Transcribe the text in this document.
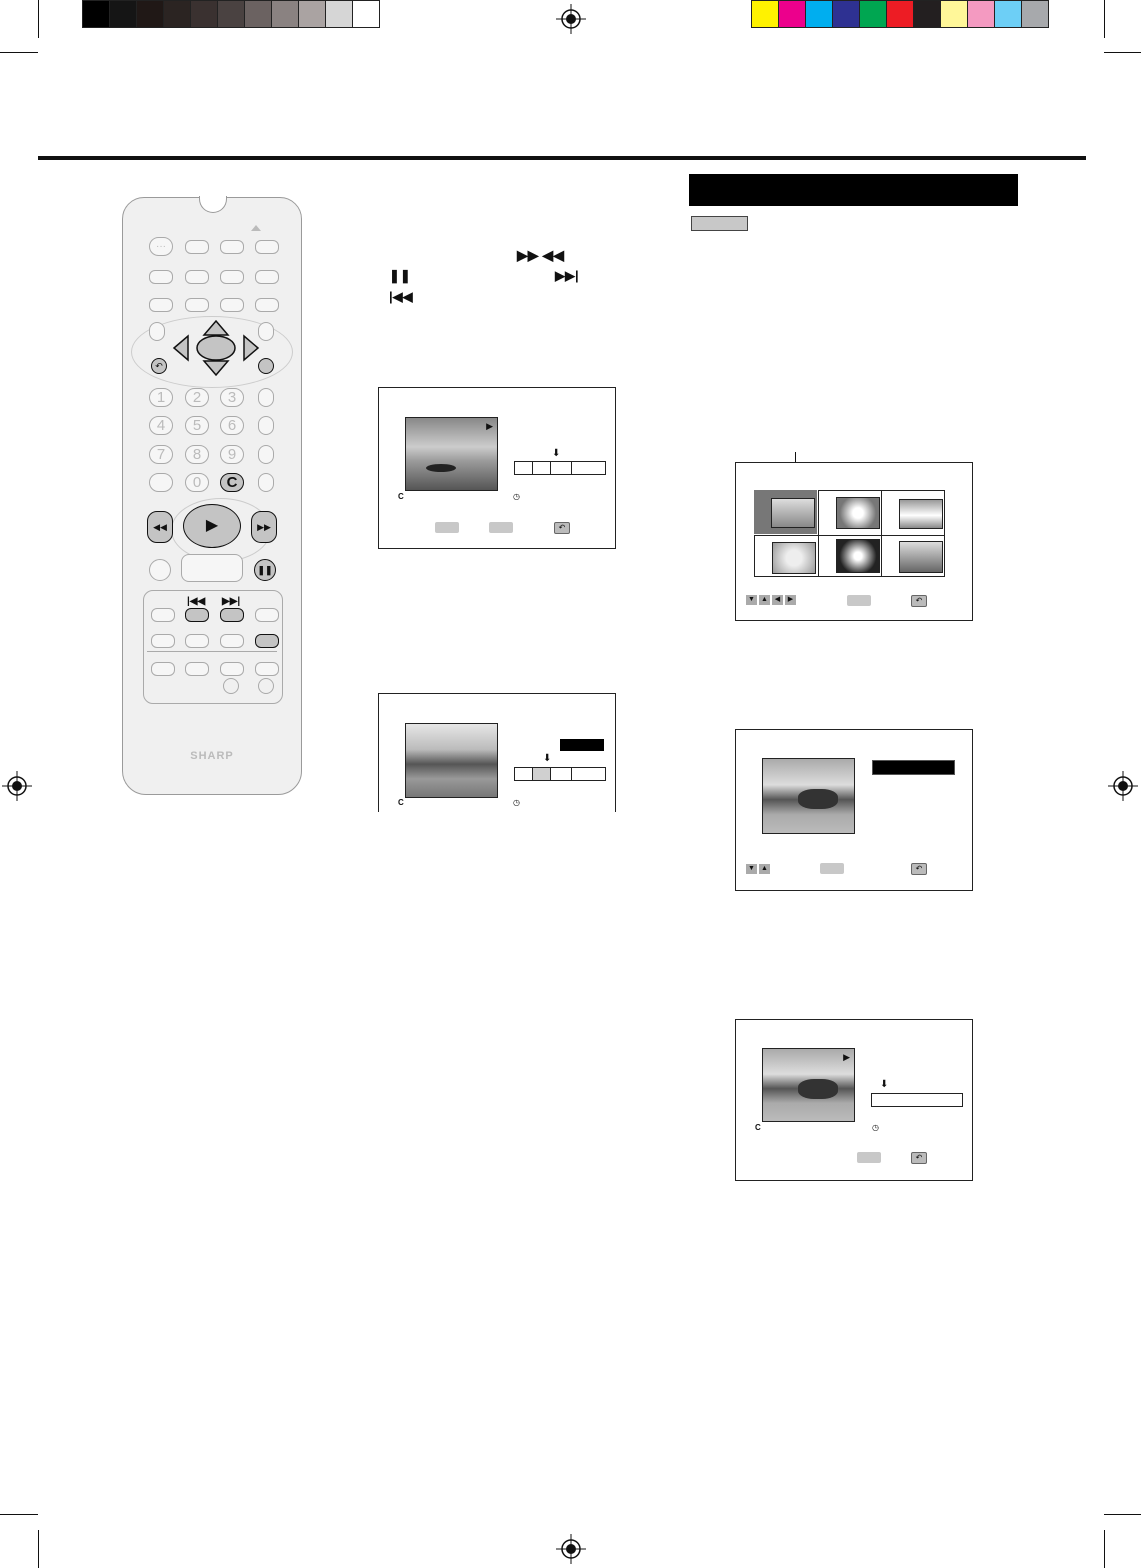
···
↶
1	2	3
4	5	6
7	8	9
0	C
◀◀	▶▶
▶
❚❚
|◀◀ ▶▶|
SHARP
▶▶ ◀◀
❚❚	▶▶|
|◀◀
▶
⬇
C	◷
↶
⬇
C	◷
▼ ▲ ◀	▶	↶
▼ ▲	↶
▶
⬇
C	◷
↶
